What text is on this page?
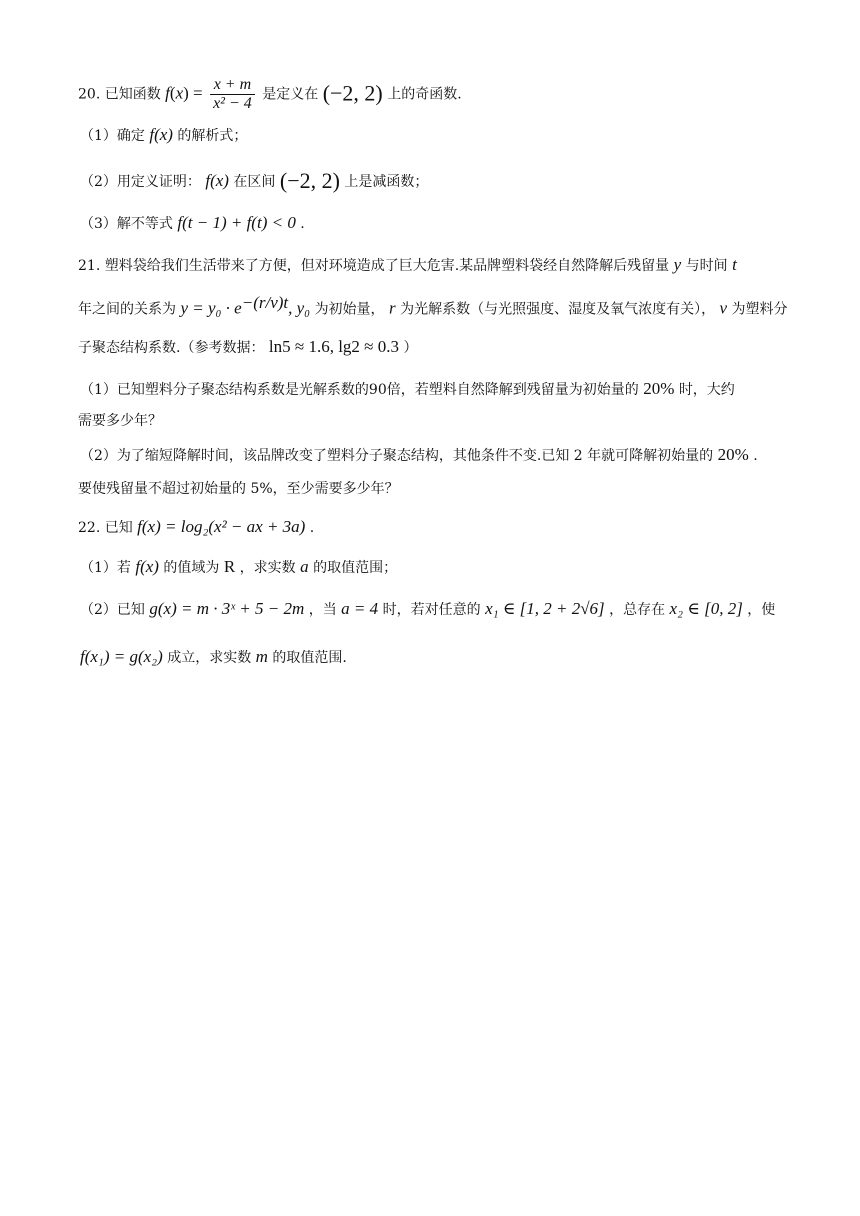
20. 已知函数 $f(x) = \frac{x + m}{\text{x² − 4}}$ 是定义在 (−2, 2) 上的奇函数.
（1）确定 f(x) 的解析式；
（2）用定义证明： f(x) 在区间 (−2, 2) 上是减函数；
（3）解不等式 f(t − 1) + f(t) < 0 .
21. 塑料袋给我们生活带来了方便，但对环境造成了巨大危害.某品牌塑料袋经自然降解后残留量 y 与时间 t
年之间的关系为 $y = y_0 \cdot e^{-(r/v)t}$, y₀ 为初始量， r 为光解系数（与光照强度、湿度及氧气浓度有关）， v 为塑料分
子聚态结构系数.（参考数据： ln5 ≈ 1.6, lg2 ≈ 0.3 ）
（1）已知塑料分子聚态结构系数是光解系数的90倍，若塑料自然降解到残留量为初始量的 20% 时，大约
需要多少年？
（2）为了缩短降解时间，该品牌改变了塑料分子聚态结构，其他条件不变.已知 2 年就可降解初始量的 20% .
要使残留量不超过初始量的 5%，至少需要多少年？
22. 已知 f(x) = log₂(x² − ax + 3a) .
（1）若 f(x) 的值域为 R ，求实数 a 的取值范围；
（2）已知 g(x) = m · 3ˣ + 5 − 2m ，当 a = 4 时，若对任意的 x₁ ∈ [1, 2 + 2√6] ，总存在 x₂ ∈ [0, 2] ，使
f(x₁) = g(x₂) 成立，求实数 m 的取值范围.
